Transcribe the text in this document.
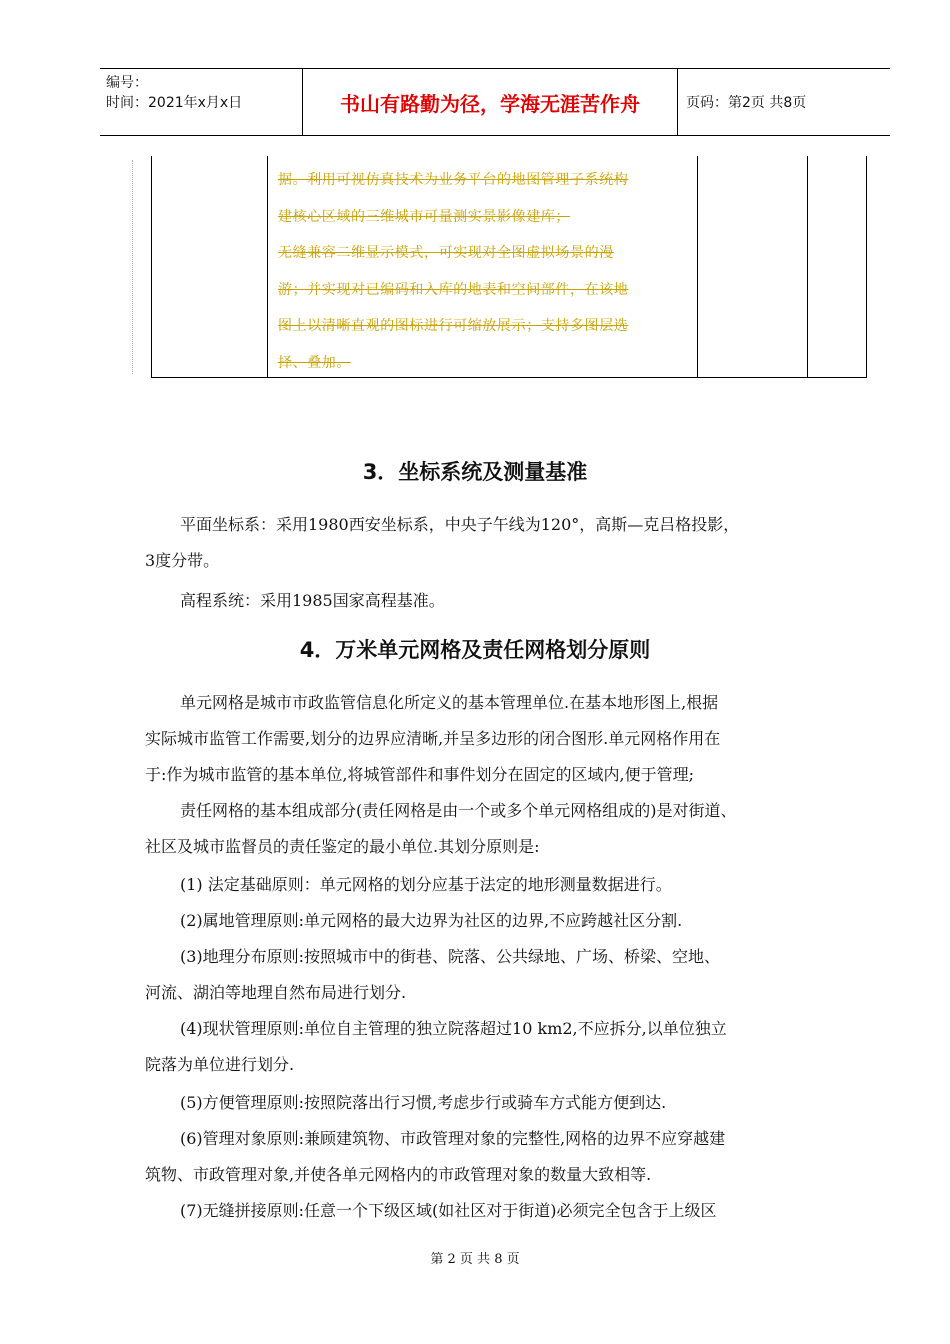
编号：
时间：2021年x月x日	书山有路勤为径，学海无涯苦作舟	页码：第2页 共8页
据。利用可视仿真技术为业务平台的地图管理子系统构
建核心区域的三维城市可量测实景影像建库；
无缝兼容二维显示模式，可实现对全图虚拟场景的漫
游；并实现对已编码和入库的地表和空间部件，在该地
图上以清晰直观的图标进行可缩放展示；支持多图层选
择、叠加。
3．坐标系统及测量基准
平面坐标系：采用1980西安坐标系，中央子午线为120°，高斯—克吕格投影，
3度分带。
高程系统：采用1985国家高程基准。
4．万米单元网格及责任网格划分原则
单元网格是城市市政监管信息化所定义的基本管理单位.在基本地形图上,根据
实际城市监管工作需要,划分的边界应清晰,并呈多边形的闭合图形.单元网格作用在
于:作为城市监管的基本单位,将城管部件和事件划分在固定的区域内,便于管理;
责任网格的基本组成部分(责任网格是由一个或多个单元网格组成的)是对街道、
社区及城市监督员的责任鉴定的最小单位.其划分原则是:
(1) 法定基础原则：单元网格的划分应基于法定的地形测量数据进行。
(2)属地管理原则:单元网格的最大边界为社区的边界,不应跨越社区分割.
(3)地理分布原则:按照城市中的街巷、院落、公共绿地、广场、桥梁、空地、
河流、湖泊等地理自然布局进行划分.
(4)现状管理原则:单位自主管理的独立院落超过10 km2,不应拆分,以单位独立
院落为单位进行划分.
(5)方便管理原则:按照院落出行习惯,考虑步行或骑车方式能方便到达.
(6)管理对象原则:兼顾建筑物、市政管理对象的完整性,网格的边界不应穿越建
筑物、市政管理对象,并使各单元网格内的市政管理对象的数量大致相等.
(7)无缝拼接原则:任意一个下级区域(如社区对于街道)必须完全包含于上级区
第 2 页 共 8 页
